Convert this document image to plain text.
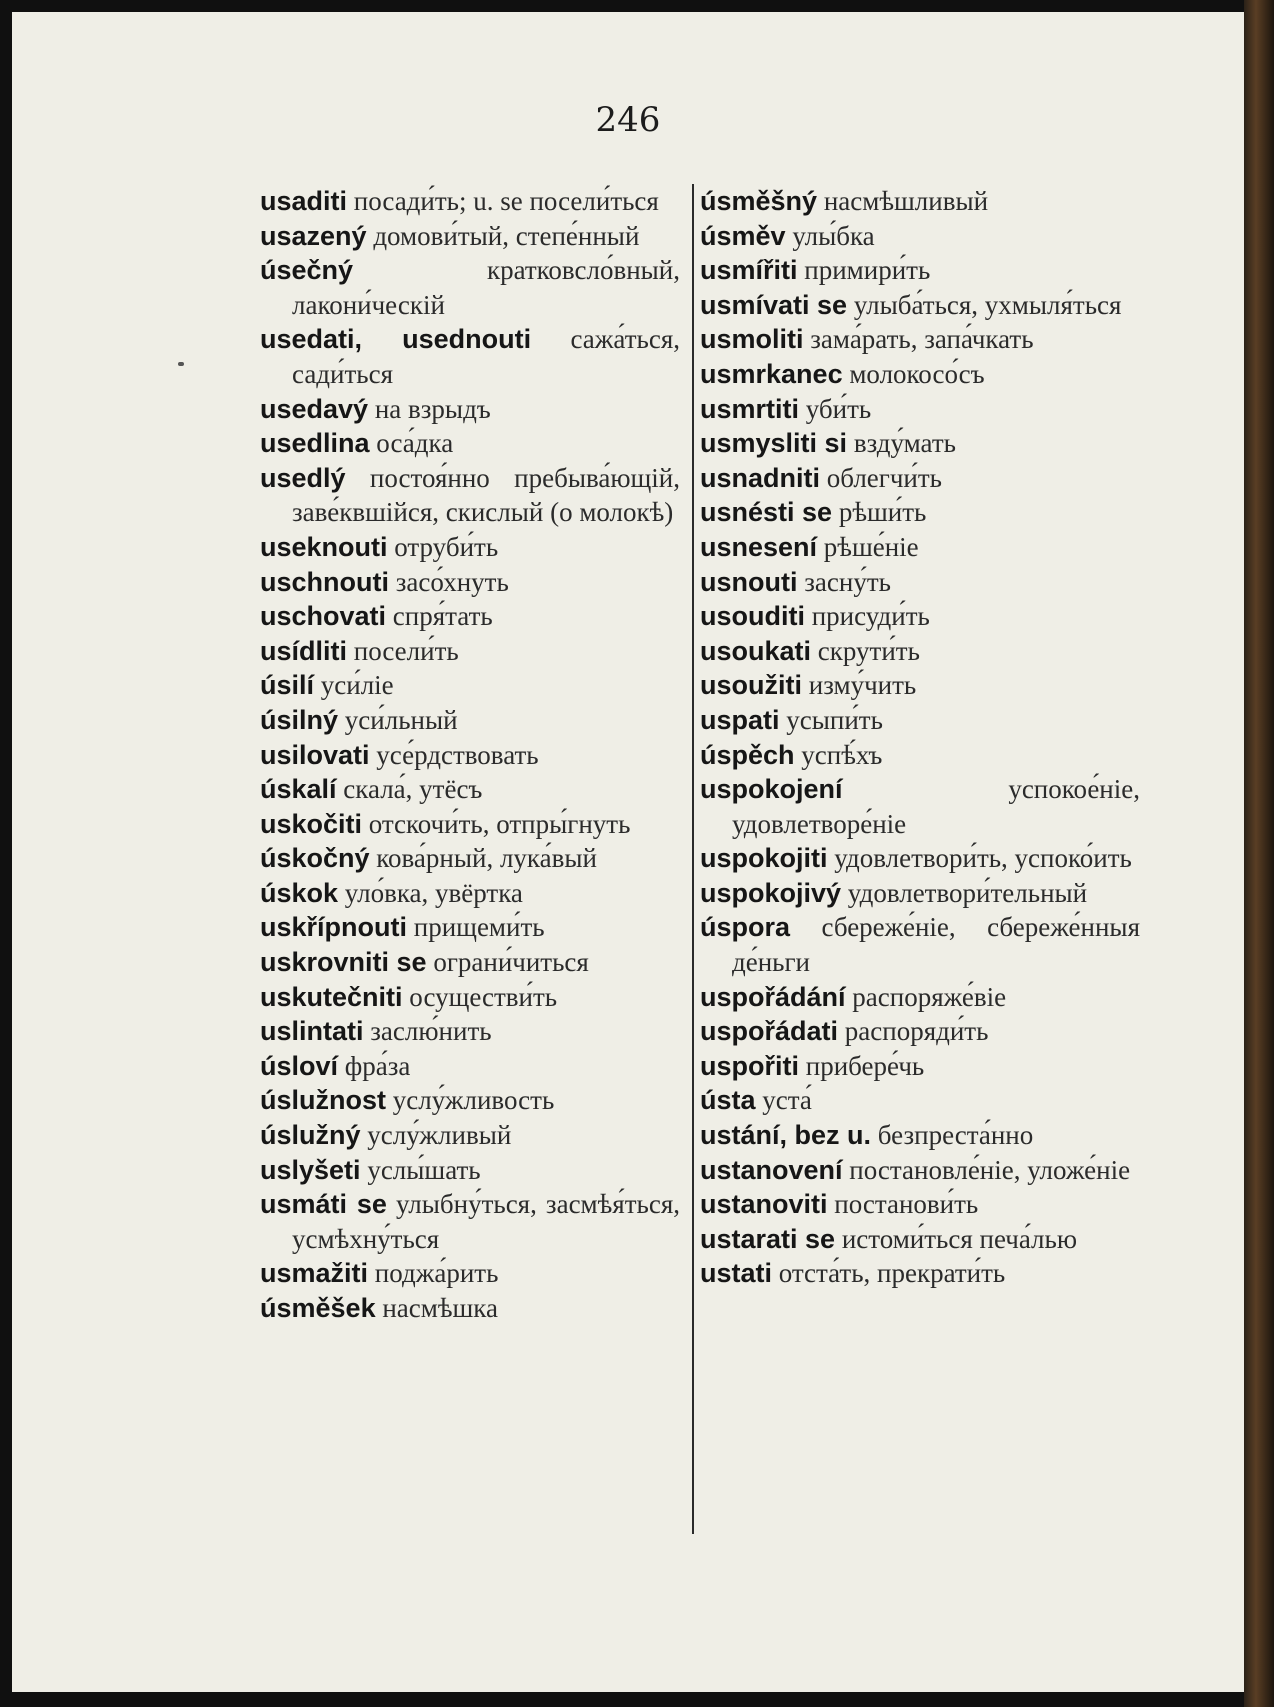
246

usaditi посади́ть; u. se посели́ться

usazený домови́тый, степе́нный

úsečný	кратковсло́вный, лакони́ческій

usedati, usednouti сажа́ться, сади́ться

usedavý на взрыдъ

usedlina оса́дка

usedlý постоя́нно пребыва́ющій, заве́квшійся, скислый (о молокѣ)

useknouti отруби́ть

uschnouti засо́хнуть

uschovati спря́тать

usídliti посели́ть

úsilí уси́ліе

úsilný уси́льный

usilovati усе́рдствовать

úskalí скала́, утёсъ

uskočiti отскочи́ть, отпры́гнуть

úskočný кова́рный, лука́вый

úskok уло́вка, увёртка

uskřípnouti прищеми́ть

uskrovniti se ограни́читься

uskutečniti осуществи́ть

uslintati заслю́нить

úsloví фра́за

úslužnost услу́жливость

úslužný услу́жливый

uslyšeti услы́шать

usmáti se улыбну́ться, засмѣя́ться, усмѣхну́ться

usmažiti поджа́рить

úsměšek насмѣшка

úsměšný насмѣшливый

úsměv улы́бка

usmířiti примири́ть

usmívati se улыба́ться, ухмыля́ться

usmoliti зама́рать, запа́чкать

usmrkanec молокосо́съ

usmrtiti уби́ть

usmysliti si взду́мать

usnadniti облегчи́ть

usnésti se рѣши́ть

usnesení рѣше́ніе

usnouti засну́ть

usouditi присуди́ть

usoukati скрути́ть

usoužiti изму́чить

uspati усыпи́ть

úspěch успѣ́хъ

uspokojení	успокое́ніе, удовлетворе́ніе

uspokojiti удовлетвори́ть, успоко́ить

uspokojivý удовлетвори́тельный

úspora сбереже́ніе, сбереже́нныя де́ньги

uspořádání распоряже́віе

uspořádati распоряди́ть

uspořiti прибере́чь

ústa уста́

ustání, bez u. безпреста́нно

ustanovení постановле́ніе, уложе́ніе

ustanoviti постанови́ть

ustarati se истоми́ться печа́лью

ustati отста́ть, прекрати́ть
